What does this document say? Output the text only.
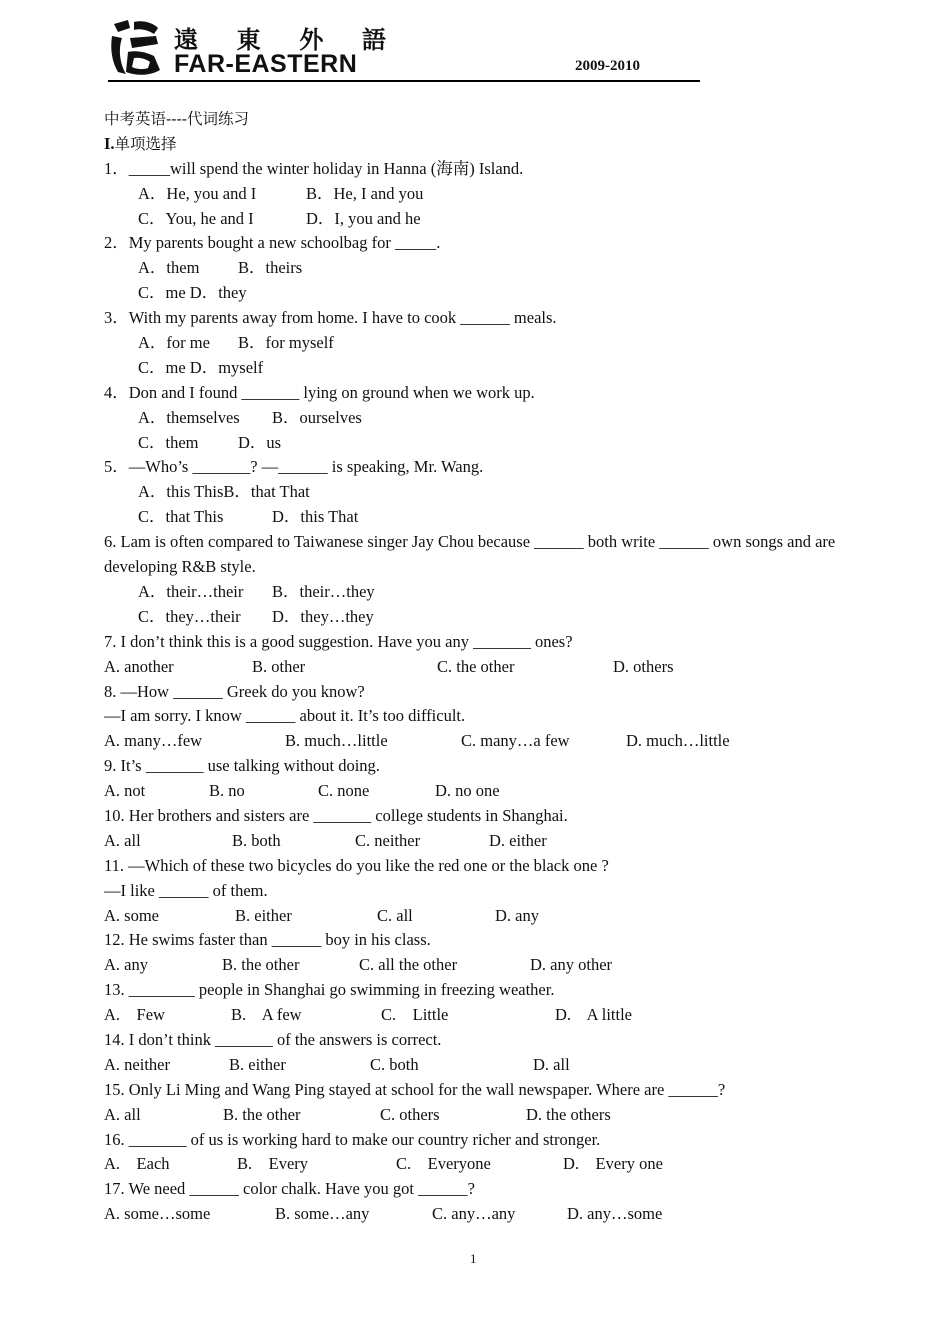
遠 東 外 語
FAR-EASTERN	2009-2010
中考英语----代词练习
I.单项选择
1．_____will spend the winter holiday in Hanna (海南) Island.
A．He, you and I	B．He, I and you
C．You, he and I	D．I, you and he
2．My parents bought a new schoolbag for _____.
A．them	B．theirs
C．me D．they
3．With my parents away from home. I have to cook ______ meals.
A．for me	B．for myself
C．me D．myself
4．Don and I found _______ lying on ground when we work up.
A．themselves	B．ourselves
C．them	D．us
5．—Who’s _______? —______ is speaking, Mr. Wang.
A．this ThisB．that That
C．that This	D．this That
6. Lam is often compared to Taiwanese singer Jay Chou because ______ both write ______ own songs and are developing R&B style.
A．their…their	B．their…they
C．they…their	D．they…they
7. I don’t think this is a good suggestion. Have you any _______ ones?
A. another	B. other	C. the other	D. others
8. —How ______ Greek do you know?
—I am sorry. I know ______ about it. It’s too difficult.
A. many…few	B. much…little	C. many…a few	D. much…little
9. It’s _______ use talking without doing.
A. not	B. no	C. none	D. no one
10. Her brothers and sisters are _______ college students in Shanghai.
A. all	B. both	C. neither	D. either
11. —Which of these two bicycles do you like the red one or the black one ?
—I like ______ of them.
A. some	B. either	C. all	D. any
12. He swims faster than ______ boy in his class.
A. any	B. the other	C. all the other	D. any other
13. ________ people in Shanghai go swimming in freezing weather.
A.    Few	B.    A few	C.    Little	D.    A little
14. I don’t think _______ of the answers is correct.
A. neither	B. either	C. both	D. all
15. Only Li Ming and Wang Ping stayed at school for the wall newspaper. Where are ______?
A. all	B. the other	C. others	D. the others
16. _______ of us is working hard to make our country richer and stronger.
A.    Each	B.    Every	C.    Everyone	D.    Every one
17. We need ______ color chalk. Have you got ______?
A. some…some	B. some…any	C. any…any	D. any…some
1
